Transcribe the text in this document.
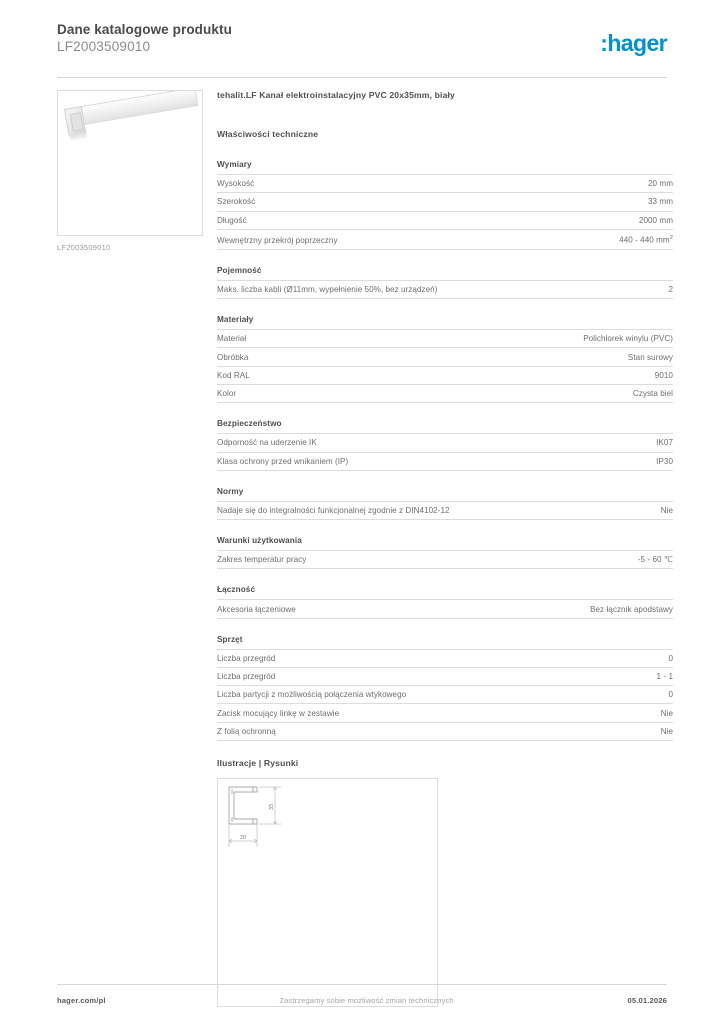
Dane katalogowe produktu
LF2003509010	:hager
LF2003509010
tehalit.LF Kanał elektroinstalacyjny PVC 20x35mm, biały
Właściwości techniczne
Wymiary
Wysokość	20 mm
Szerokość	33 mm
Długość	2000 mm
Wewnętrzny przekrój poprzeczny	440 - 440 $mm^2$
Pojemność
Maks. liczba kabli (Ø11mm, wypełnienie 50%, bez urządzeń)	2
Materiały
Materiał	Polichlorek winylu (PVC)
Obróbka	Stan surowy
Kod RAL	9010
Kolor	Czysta biel
Bezpieczeństwo
Odporność na uderzenie IK	IK07
Klasa ochrony przed wnikaniem (IP)	IP30
Normy
Nadaje się do integralności funkcjonalnej zgodnie z DIN4102-12	Nie
Warunki użytkowania
Zakres temperatur pracy	-5 - 60 ℃
Łączność
Akcesoria łączeniowe	Bez łącznik apodstawy
Sprzęt
Liczba przegród	0
Liczba przegród	1 - 1
Liczba partycji z możliwością połączenia wtykowego	0
Zacisk mocujący linkę w zestawie	Nie
Z folią ochronną	Nie
Ilustracje | Rysunki
33
20
hager.com/pl	Zastrzegamy sobie możliwość zmian technicznych	05.01.2026
